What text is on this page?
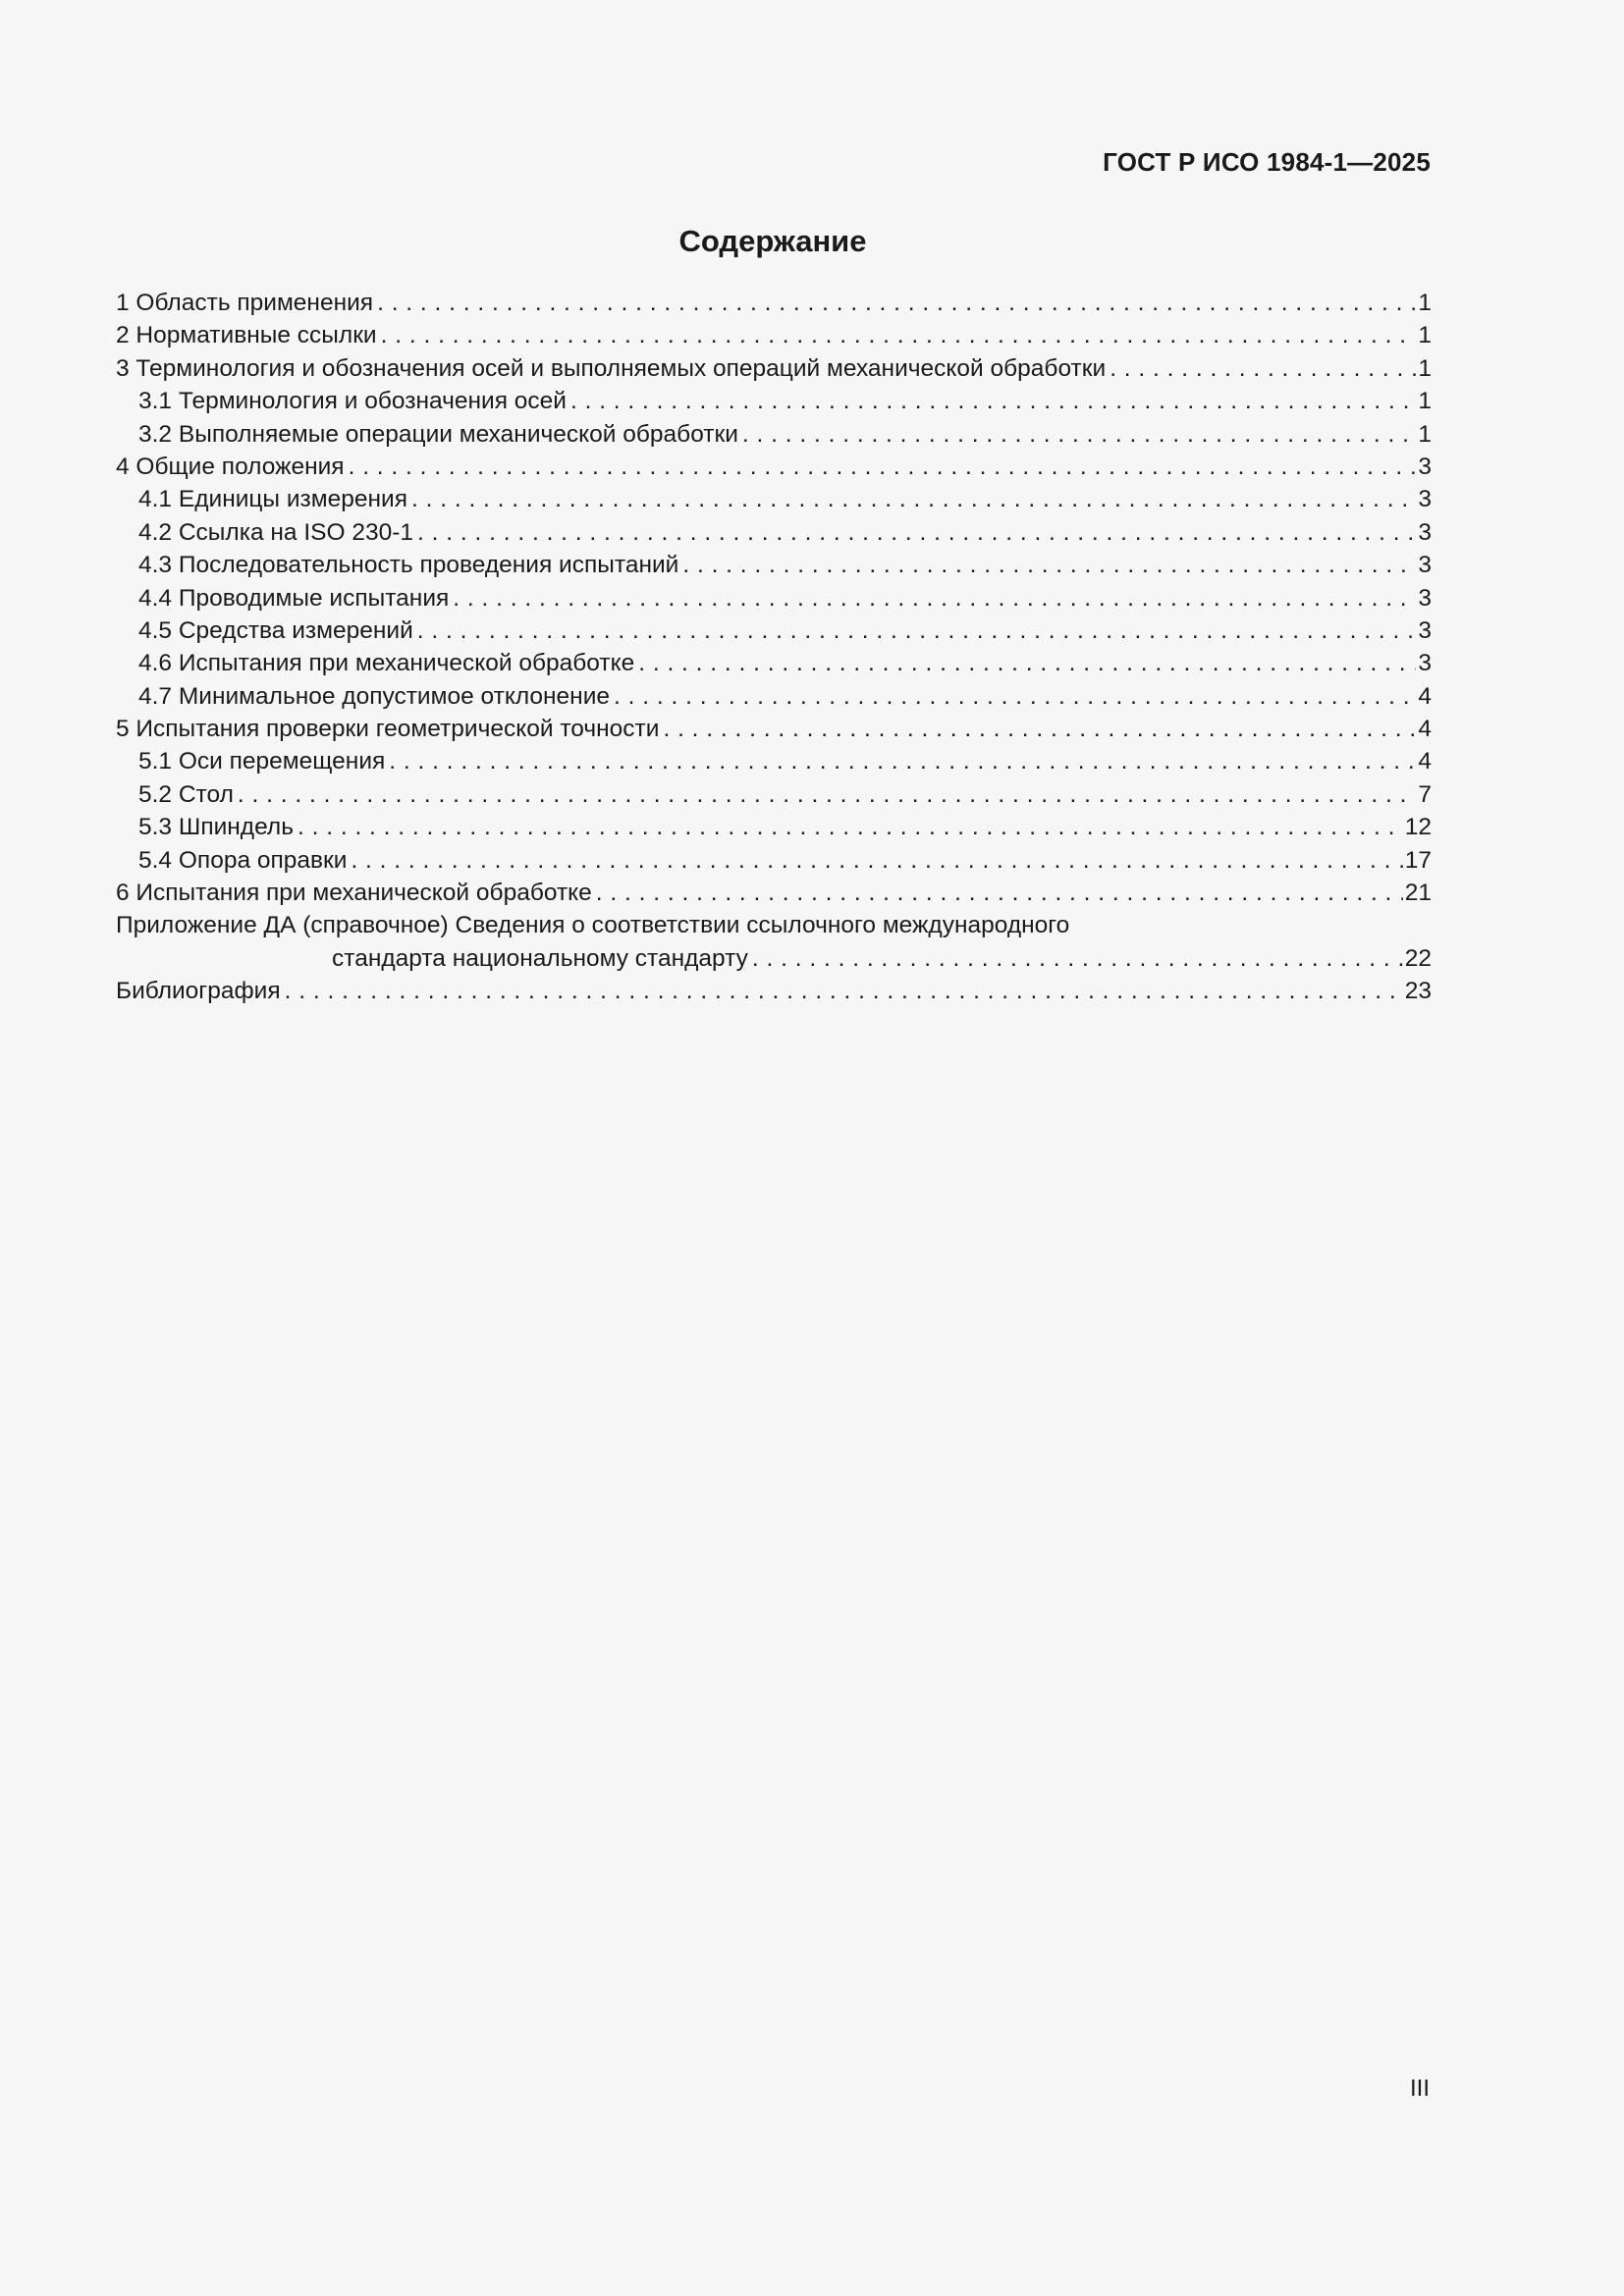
ГОСТ Р ИСО 1984-1—2025
Содержание
1 Область применения . . .	1
2 Нормативные ссылки . . .	1
3 Терминология и обозначения осей и выполняемых операций механической обработки . . .	1
3.1 Терминология и обозначения осей . . .	1
3.2 Выполняемые операции механической обработки . . .	1
4 Общие положения . . .	3
4.1 Единицы измерения . . .	3
4.2 Ссылка на ISO 230-1 . . .	3
4.3 Последовательность проведения испытаний . . .	3
4.4 Проводимые испытания . . .	3
4.5 Средства измерений . . .	3
4.6 Испытания при механической обработке . . .	3
4.7 Минимальное допустимое отклонение . . .	4
5 Испытания проверки геометрической точности . . .	4
5.1 Оси перемещения . . .	4
5.2 Стол . . .	7
5.3 Шпиндель . . .	12
5.4 Опора оправки . . .	17
6 Испытания при механической обработке . . .	21
Приложение ДА (справочное) Сведения о соответствии ссылочного международного
стандарта национальному стандарту . . .	22
Библиография . . .	23
III
